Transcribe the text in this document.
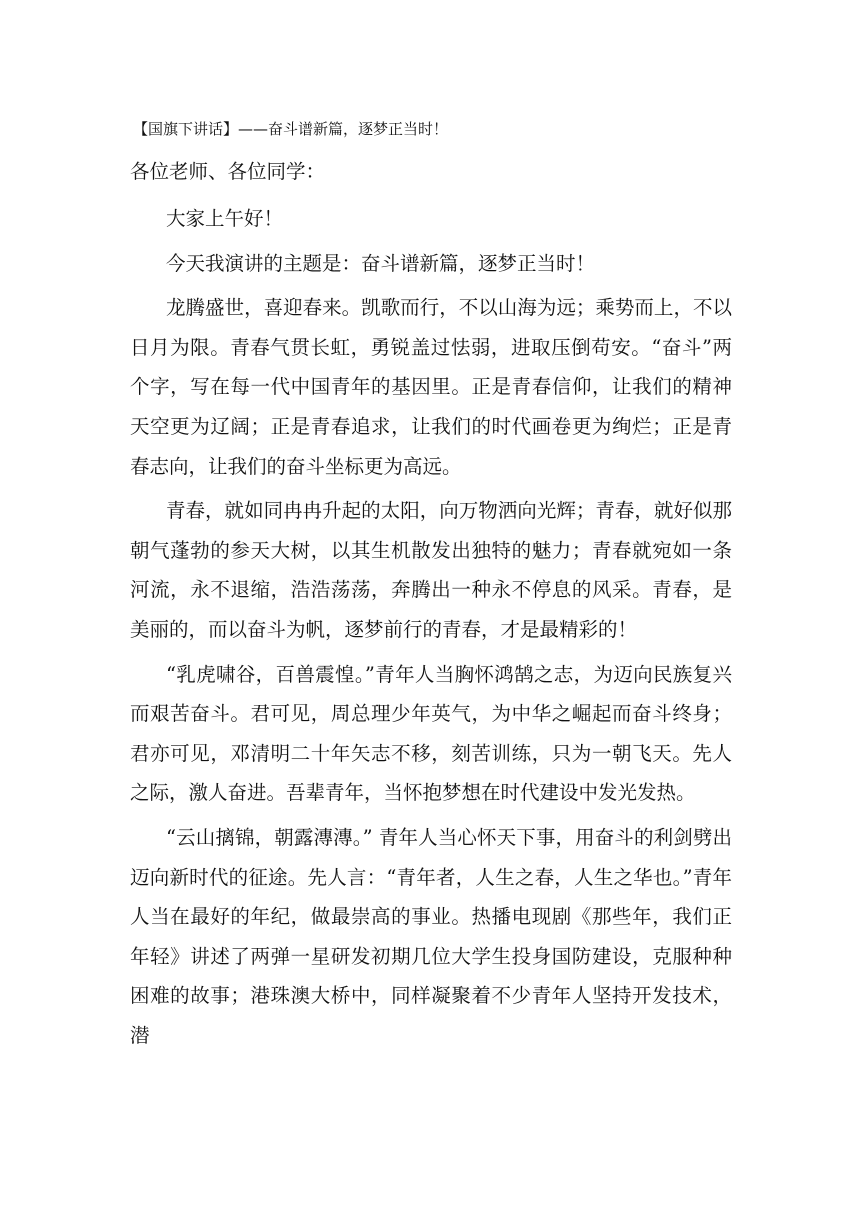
【国旗下讲话】——奋斗谱新篇，逐梦正当时！
各位老师、各位同学：

大家上午好！

今天我演讲的主题是：奋斗谱新篇，逐梦正当时！

龙腾盛世，喜迎春来。凯歌而行，不以山海为远；乘势而上，不以日月为限。青春气贯长虹，勇锐盖过怯弱，进取压倒苟安。“奋斗”两个字，写在每一代中国青年的基因里。正是青春信仰，让我们的精神天空更为辽阔；正是青春追求，让我们的时代画卷更为绚烂；正是青春志向，让我们的奋斗坐标更为高远。

青春，就如同冉冉升起的太阳，向万物洒向光辉；青春，就好似那朝气蓬勃的参天大树，以其生机散发出独特的魅力；青春就宛如一条河流，永不退缩，浩浩荡荡，奔腾出一种永不停息的风采。青春，是美丽的，而以奋斗为帆，逐梦前行的青春，才是最精彩的！

“乳虎啸谷，百兽震惶。”青年人当胸怀鸿鹄之志，为迈向民族复兴而艰苦奋斗。君可见，周总理少年英气，为中华之崛起而奋斗终身；君亦可见，邓清明二十年矢志不移，刻苦训练，只为一朝飞天。先人之际，激人奋进。吾辈青年，当怀抱梦想在时代建设中发光发热。

“云山摛锦，朝露漙漙。” 青年人当心怀天下事，用奋斗的利剑劈出迈向新时代的征途。先人言：“青年者，人生之春，人生之华也。”青年人当在最好的年纪，做最崇高的事业。热播电现剧《那些年，我们正年轻》讲述了两弹一星研发初期几位大学生投身国防建设，克服种种困难的故事；港珠澳大桥中，同样凝聚着不少青年人坚持开发技术，潜
